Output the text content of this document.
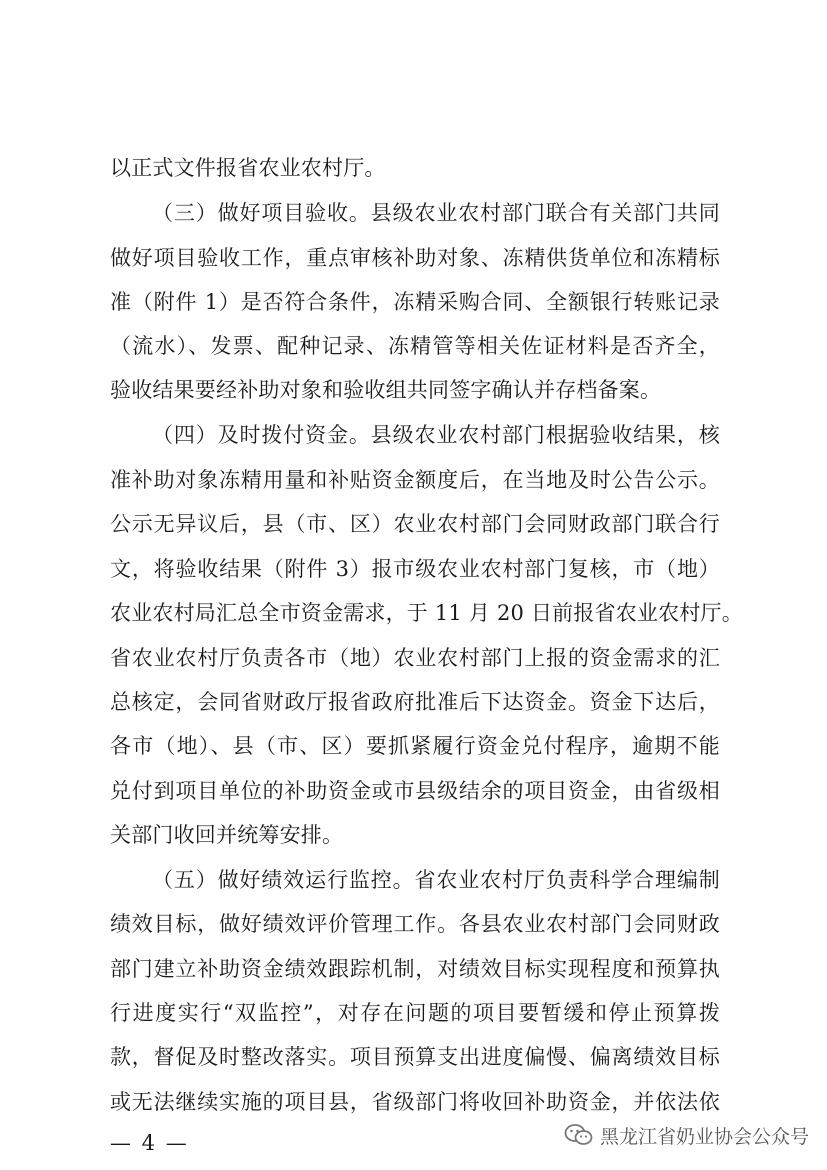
以正式文件报省农业农村厅。
（三）做好项目验收。县级农业农村部门联合有关部门共同
做好项目验收工作，重点审核补助对象、冻精供货单位和冻精标
准（附件 1）是否符合条件，冻精采购合同、全额银行转账记录
（流水）、发票、配种记录、冻精管等相关佐证材料是否齐全，
验收结果要经补助对象和验收组共同签字确认并存档备案。
（四）及时拨付资金。县级农业农村部门根据验收结果，核
准补助对象冻精用量和补贴资金额度后，在当地及时公告公示。
公示无异议后，县（市、区）农业农村部门会同财政部门联合行
文，将验收结果（附件 3）报市级农业农村部门复核，市（地）
农业农村局汇总全市资金需求，于 11 月 20 日前报省农业农村厅。
省农业农村厅负责各市（地）农业农村部门上报的资金需求的汇
总核定，会同省财政厅报省政府批准后下达资金。资金下达后，
各市（地）、县（市、区）要抓紧履行资金兑付程序，逾期不能
兑付到项目单位的补助资金或市县级结余的项目资金，由省级相
关部门收回并统筹安排。
（五）做好绩效运行监控。省农业农村厅负责科学合理编制
绩效目标，做好绩效评价管理工作。各县农业农村部门会同财政
部门建立补助资金绩效跟踪机制，对绩效目标实现程度和预算执
行进度实行“双监控”，对存在问题的项目要暂缓和停止预算拨
款，督促及时整改落实。项目预算支出进度偏慢、偏离绩效目标
或无法继续实施的项目县，省级部门将收回补助资金，并依法依
— 4 —	黑龙江省奶业协会公众号
